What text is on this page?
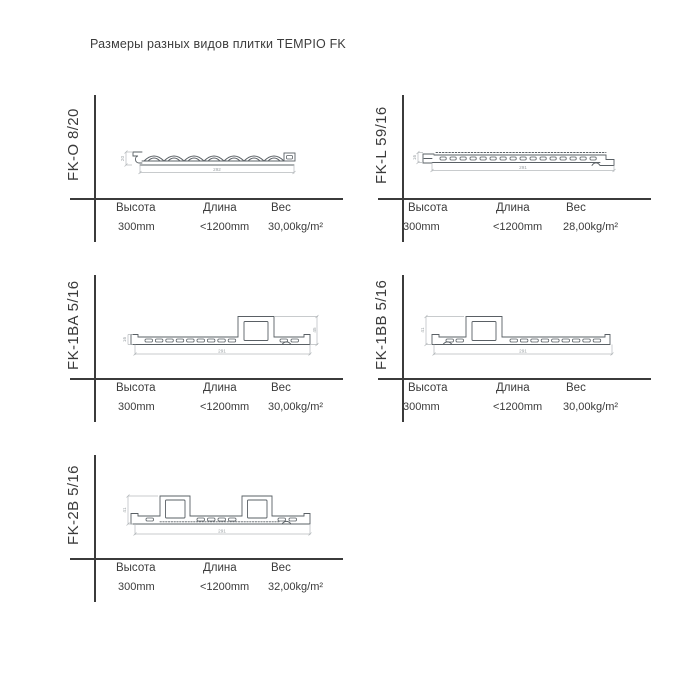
Размеры разных видов плитки TEMPIO FK
FK-O 8/20	292
20
Высота	Длина	Вес
300mm	<1200mm 30,00kg/m²
FK-L 59/16	291
16
Высота	Длина	Вес
300mm	<1200mm 28,00kg/m²
FK-1BA 5/16	291
45
16
Высота	Длина	Вес
300mm	<1200mm 30,00kg/m²
FK-1BB 5/16	291
41
Высота	Длина	Вес
300mm	<1200mm 30,00kg/m²
FK-2B 5/16	291
41
Высота	Длина	Вес
300mm	<1200mm 32,00kg/m²
